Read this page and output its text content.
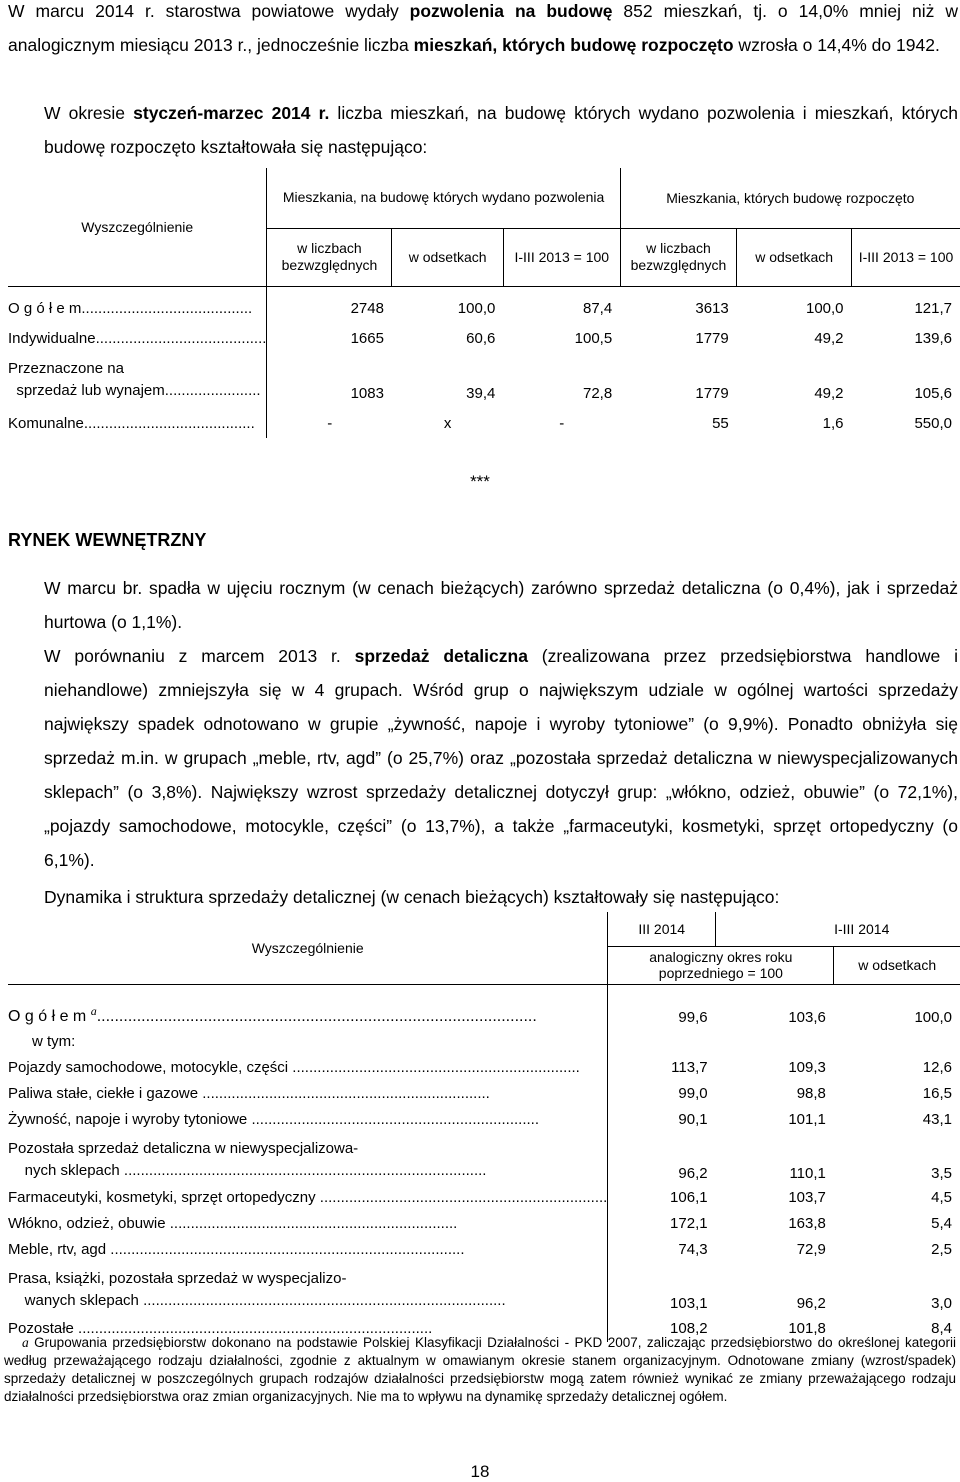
W marcu 2014 r. starostwa powiatowe wydały pozwolenia na budowę 852 mieszkań, tj. o 14,0% mniej niż w analogicznym miesiącu 2013 r., jednocześnie liczba mieszkań, których budowę rozpoczęto wzrosła o 14,4% do 1942.

W okresie styczeń-marzec 2014 r. liczba mieszkań, na budowę których wydano pozwolenia i mieszkań, których budowę rozpoczęto kształtowała się następująco:

Wyszczególnienie	Mieszkania, na budowę których wydano pozwolenia			Mieszkania, których budowę rozpoczęto		
	w liczbach bezwzględnych	w odsetkach	I-III 2013 = 100	w liczbach bezwzględnych	w odsetkach	I-III 2013 = 100
O g ó ł e m.........................................	2748	100,0	87,4	3613	100,0	121,7
Indywidualne.........................................	1665	60,6	100,5	1779	49,2	139,6
Przeznaczone na

sprzedaż lub wynajem.......................	1083	39,4	72,8	1779	49,2	105,6
Komunalne.........................................	-	x	-	55	1,6	550,0
***
RYNEK WEWNĘTRZNY

W marcu br. spadła w ujęciu rocznym (w cenach bieżących) zarówno sprzedaż detaliczna (o 0,4%), jak i sprzedaż hurtowa (o 1,1%).

W porównaniu z marcem 2013 r. sprzedaż detaliczna (zrealizowana przez przedsiębiorstwa handlowe i niehandlowe) zmniejszyła się w 4 grupach. Wśród grup o największym udziale w ogólnej wartości sprzedaży największy spadek odnotowano w grupie „żywność, napoje i wyroby tytoniowe” (o 9,9%). Ponadto obniżyła się sprzedaż m.in. w grupach „meble, rtv, agd” (o 25,7%) oraz „pozostała sprzedaż detaliczna w niewyspecjalizowanych sklepach” (o 3,8%). Największy wzrost sprzedaży detalicznej dotyczył grup: „włókno, odzież, obuwie” (o 72,1%), „pojazdy samochodowe, motocykle, części” (o 13,7%), a także „farmaceutyki, kosmetyki, sprzęt ortopedyczny (o 6,1%).

Dynamika i struktura sprzedaży detalicznej (w cenach bieżących) kształtowały się następująco:

Wyszczególnienie	III 2014	I-III 2014	
	analogiczny okres roku poprzedniego = 100		w odsetkach
O g ó ł e m $^a$...................................................................................................	99,6	103,6	100,0
w tym:			
Pojazdy samochodowe, motocykle, części .....................................................................	113,7	109,3	12,6
Paliwa stałe, ciekłe i gazowe .....................................................................	99,0	98,8	16,5
Żywność, napoje i wyroby tytoniowe .....................................................................	90,1	101,1	43,1
Pozostała sprzedaż detaliczna w niewyspecjalizowa-

nych sklepach .......................................................................................	96,2	110,1	3,5
Farmaceutyki, kosmetyki, sprzęt ortopedyczny .....................................................................	106,1	103,7	4,5
Włókno, odzież, obuwie .....................................................................	172,1	163,8	5,4
Meble, rtv, agd .....................................................................................	74,3	72,9	2,5
Prasa, książki, pozostała sprzedaż w wyspecjalizo-

wanych sklepach .......................................................................................	103,1	96,2	3,0
Pozostałe .....................................................................................	108,2	101,8	8,4
a Grupowania przedsiębiorstw dokonano na podstawie Polskiej Klasyfikacji Działalności - PKD 2007, zaliczając przedsiębiorstwo do określonej kategorii według przeważającego rodzaju działalności, zgodnie z aktualnym w omawianym okresie stanem organizacyjnym. Odnotowane zmiany (wzrost/spadek) sprzedaży detalicznej w poszczególnych grupach rodzajów działalności przedsiębiorstw mogą zatem również wynikać ze zmiany przeważającego rodzaju działalności przedsiębiorstwa oraz zmian organizacyjnych. Nie ma to wpływu na dynamikę sprzedaży detalicznej ogółem.
18
